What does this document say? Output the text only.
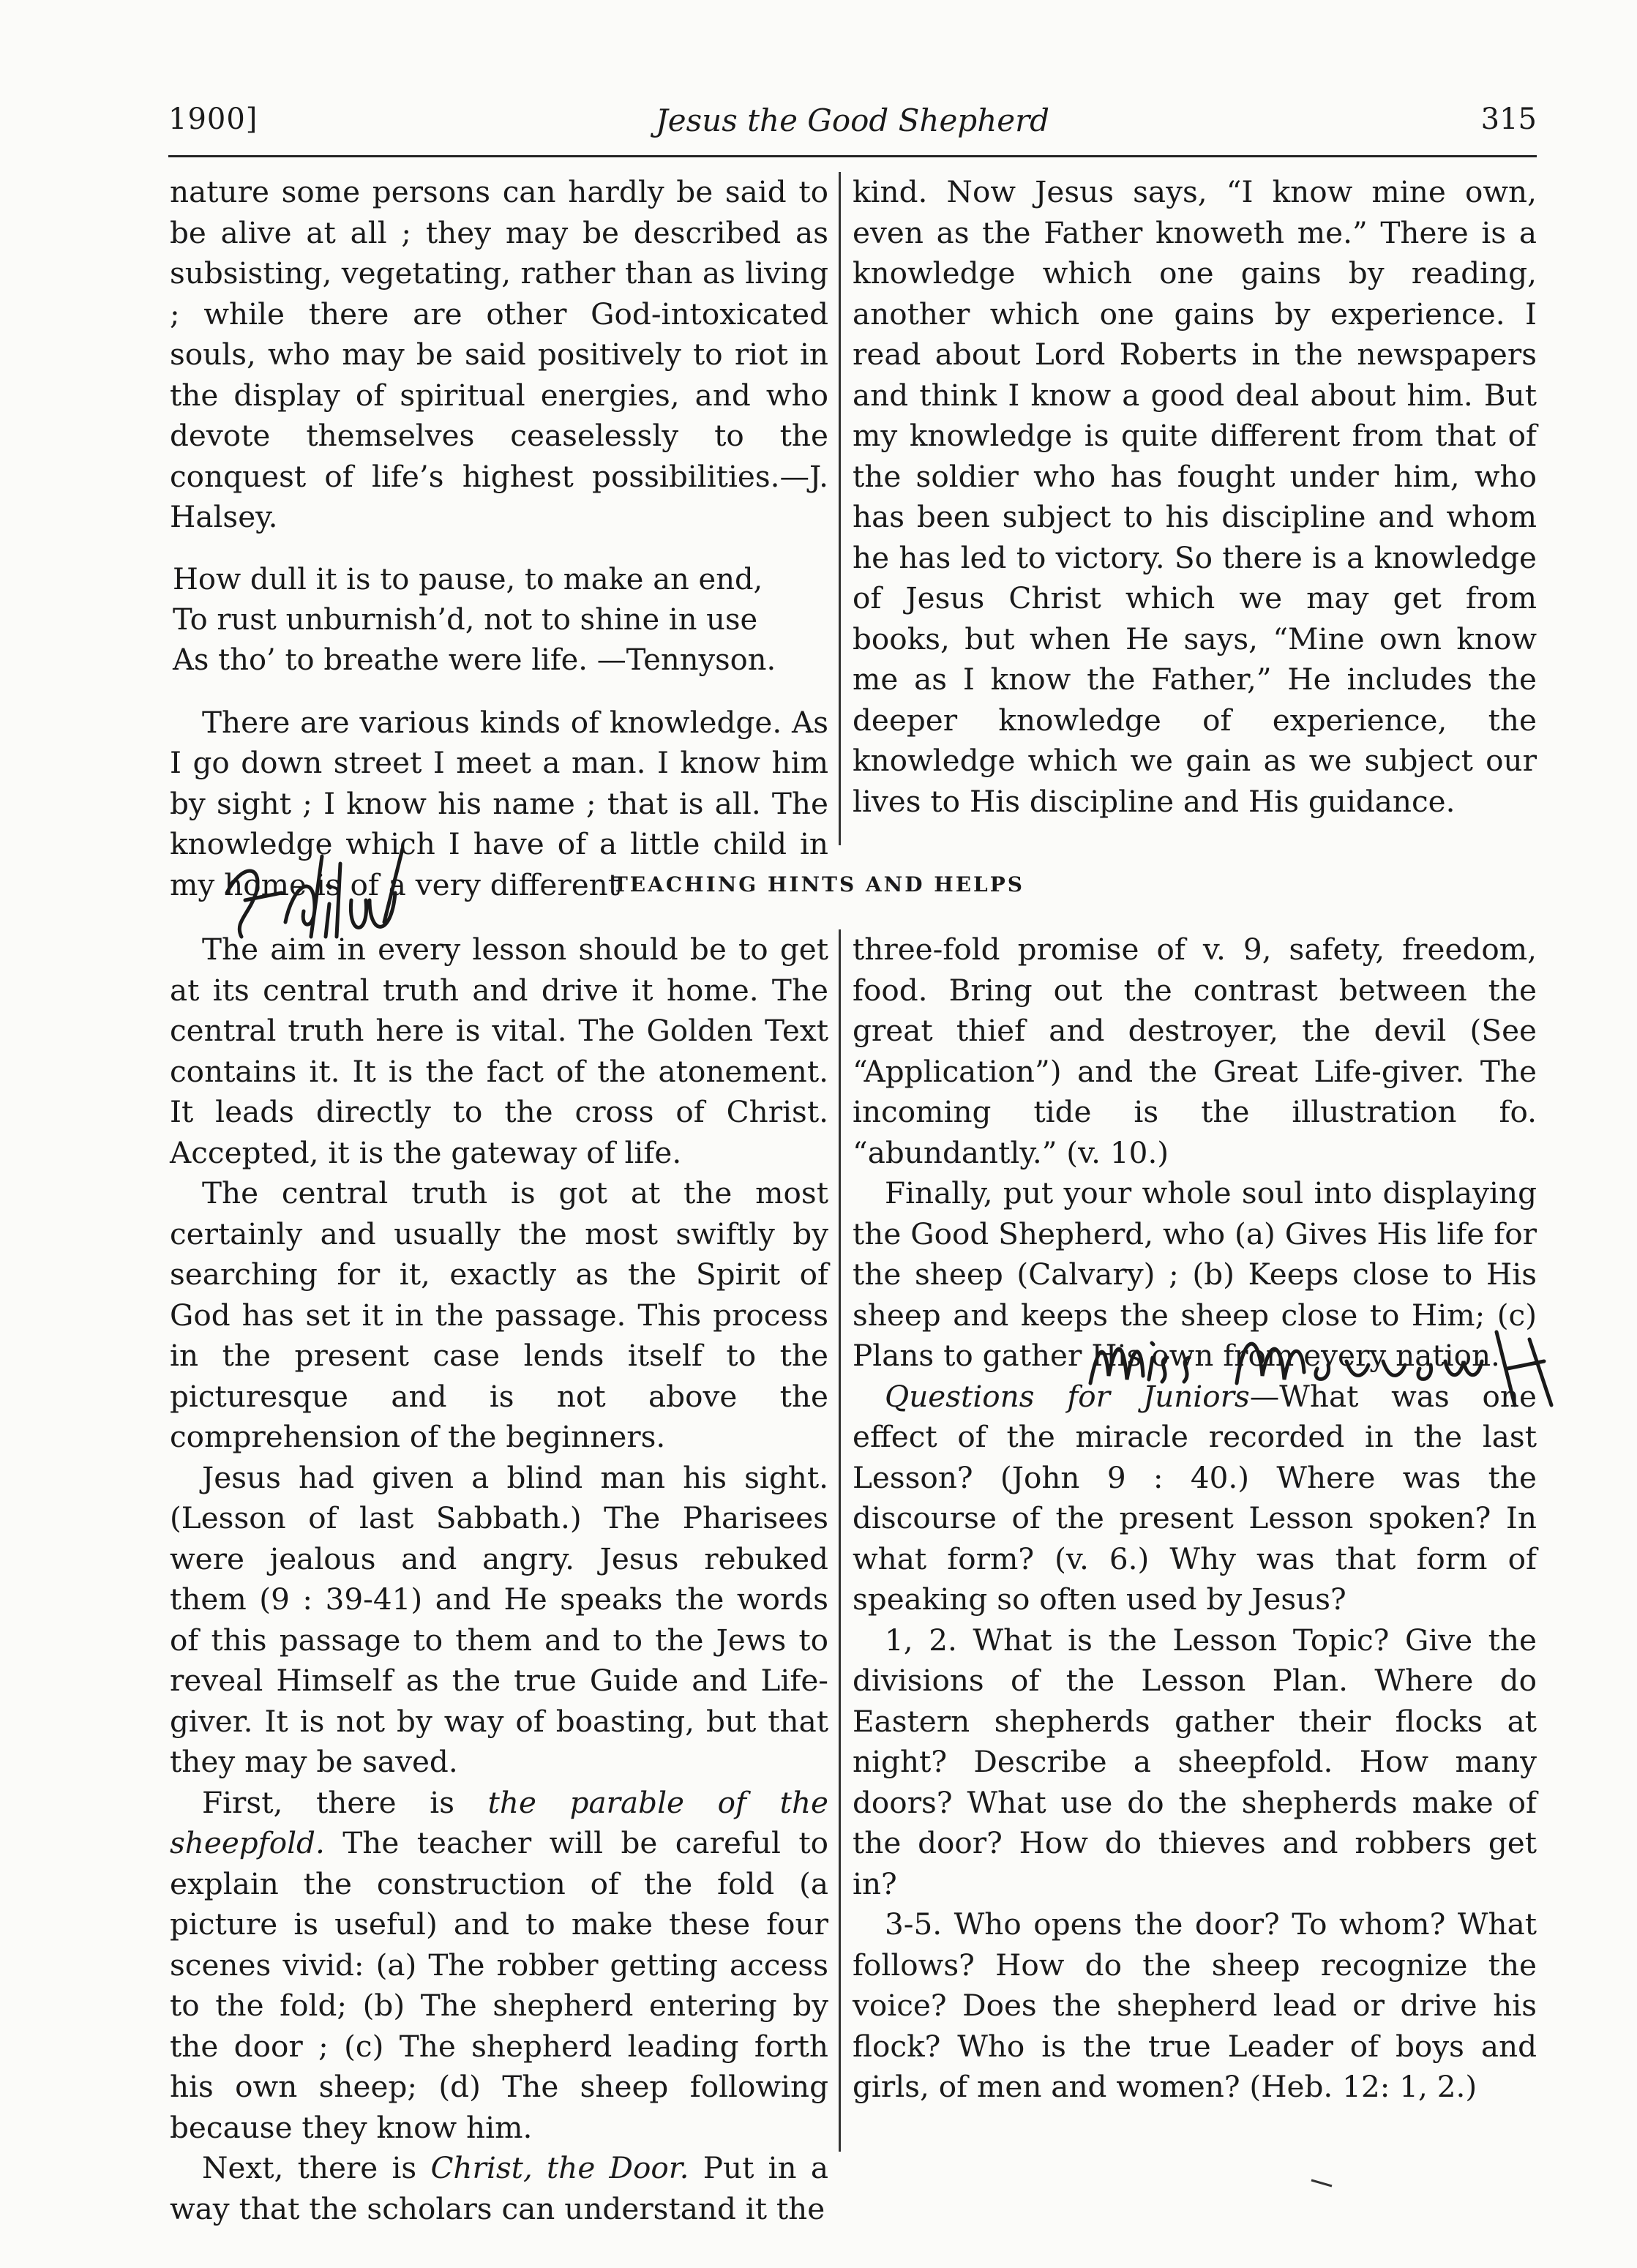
1900]	Jesus the Good Shepherd	315

nature some persons can hardly be said to be alive at all ; they may be described as subsisting, vegetating, rather than as living ; while there are other God-intoxicated souls, who may be said positively to riot in the display of spiritual energies, and who devote themselves ceaselessly to the conquest of life’s highest possibilities.—J. Halsey.

How dull it is to pause, to make an end,
To rust unburnish’d, not to shine in use
As tho’ to breathe were life. —Tennyson.

There are various kinds of knowledge. As I go down street I meet a man. I know him by sight ; I know his name ; that is all. The knowledge which I have of a little child in my home is of a very different

kind. Now Jesus says, “I know mine own, even as the Father knoweth me.” There is a knowledge which one gains by reading, another which one gains by experience. I read about Lord Roberts in the newspapers and think I know a good deal about him. But my knowledge is quite different from that of the soldier who has fought under him, who has been subject to his discipline and whom he has led to victory. So there is a knowledge of Jesus Christ which we may get from books, but when He says, “Mine own know me as I know the Father,” He includes the deeper knowledge of experience, the knowledge which we gain as we subject our lives to His discipline and His guidance.

TEACHING HINTS AND HELPS

The aim in every lesson should be to get at its central truth and drive it home. The central truth here is vital. The Golden Text contains it. It is the fact of the atonement. It leads directly to the cross of Christ. Accepted, it is the gateway of life.

The central truth is got at the most certainly and usually the most swiftly by searching for it, exactly as the Spirit of God has set it in the passage. This process in the present case lends itself to the picturesque and is not above the comprehension of the beginners.

Jesus had given a blind man his sight. (Lesson of last Sabbath.) The Pharisees were jealous and angry. Jesus rebuked them (9 : 39-41) and He speaks the words of this passage to them and to the Jews to reveal Himself as the true Guide and Life-giver. It is not by way of boasting, but that they may be saved.

First, there is the parable of the sheepfold. The teacher will be careful to explain the construction of the fold (a picture is useful) and to make these four scenes vivid: (a) The robber getting access to the fold; (b) The shepherd entering by the door ; (c) The shepherd leading forth his own sheep; (d) The sheep following because they know him.

Next, there is Christ, the Door. Put in a way that the scholars can understand it the

three-fold promise of v. 9, safety, freedom, food. Bring out the contrast between the great thief and destroyer, the devil (See “Application”) and the Great Life-giver. The incoming tide is the illustration fo. “abundantly.” (v. 10.)

Finally, put your whole soul into displaying the Good Shepherd, who (a) Gives His life for the sheep (Calvary) ; (b) Keeps close to His sheep and keeps the sheep close to Him; (c) Plans to gather His own from every nation.

Questions for Juniors—What was one effect of the miracle recorded in the last Lesson? (John 9 : 40.) Where was the discourse of the present Lesson spoken? In what form? (v. 6.) Why was that form of speaking so often used by Jesus?

1, 2. What is the Lesson Topic? Give the divisions of the Lesson Plan. Where do Eastern shepherds gather their flocks at night? Describe a sheepfold. How many doors? What use do the shepherds make of the door? How do thieves and robbers get in?

3-5. Who opens the door? To whom? What follows? How do the sheep recognize the voice? Does the shepherd lead or drive his flock? Who is the true Leader of boys and girls, of men and women? (Heb. 12: 1, 2.)
